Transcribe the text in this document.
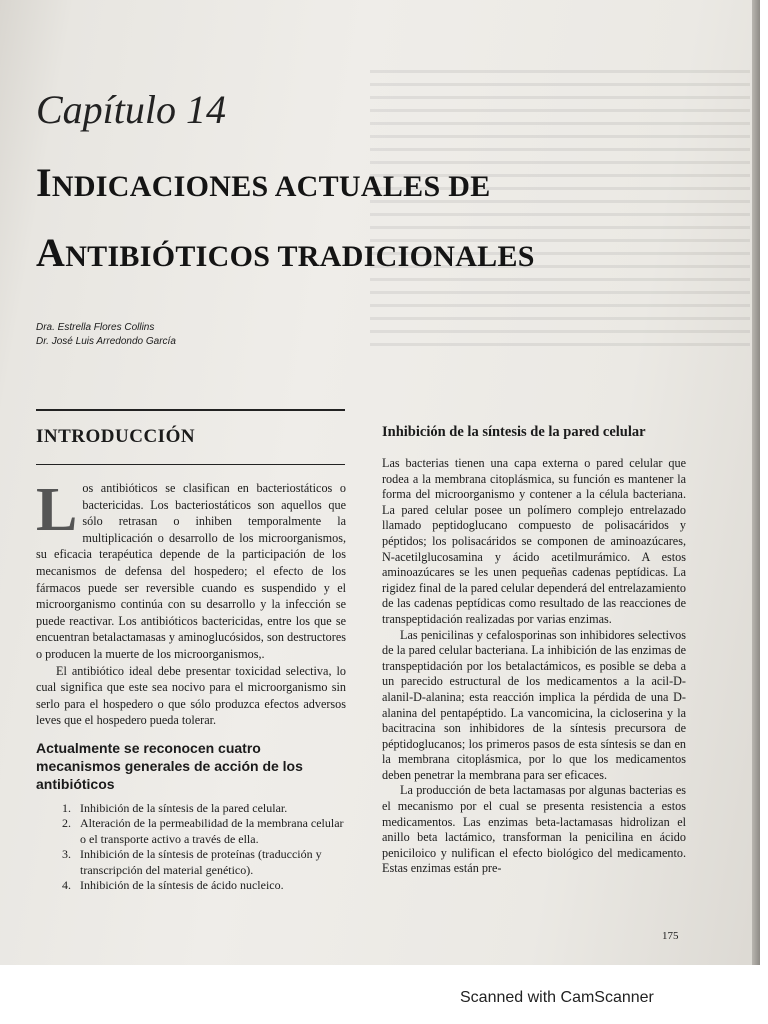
Capítulo 14
INDICACIONES ACTUALES DE
ANTIBIÓTICOS TRADICIONALES
Dra. Estrella Flores Collins
Dr. José Luis Arredondo García
INTRODUCCIÓN

Los antibióticos se clasifican en bacteriostáticos o bactericidas. Los bacteriostáticos son aquellos que sólo retrasan o inhiben temporalmente la multiplicación o desarrollo de los microorganismos, su eficacia terapéutica depende de la participación de los mecanismos de defensa del hospedero; el efecto de los fármacos puede ser reversible cuando es suspendido y el microorganismo continúa con su desarrollo y la infección se puede reactivar. Los antibióticos bactericidas, entre los que se encuentran betalactamasas y aminoglucósidos, son destructores o producen la muerte de los microorganismos,.

El antibiótico ideal debe presentar toxicidad selectiva, lo cual significa que este sea nocivo para el microorganismo sin serlo para el hospedero o que sólo produzca efectos adversos leves que el hospedero pueda tolerar.

Actualmente se reconocen cuatro mecanismos generales de acción de los antibióticos
1. Inhibición de la síntesis de la pared celular.
2. Alteración de la permeabilidad de la membrana celular o el transporte activo a través de ella.
3. Inhibición de la síntesis de proteínas (traducción y transcripción del material genético).
4. Inhibición de la síntesis de ácido nucleico.
Inhibición de la síntesis de la pared celular

Las bacterias tienen una capa externa o pared celular que rodea a la membrana citoplásmica, su función es mantener la forma del microorganismo y contener a la célula bacteriana. La pared celular posee un polímero complejo entrelazado llamado peptidoglucano compuesto de polisacáridos y péptidos; los polisacáridos se componen de aminoazúcares, N-acetilglucosamina y ácido acetilmurámico. A estos aminoazúcares se les unen pequeñas cadenas peptídicas. La rigidez final de la pared celular dependerá del entrelazamiento de las cadenas peptídicas como resultado de las reacciones de transpeptidación realizadas por varias enzimas.

Las penicilinas y cefalosporinas son inhibidores selectivos de la pared celular bacteriana. La inhibición de las enzimas de transpeptidación por los betalactámicos, es posible se deba a un parecido estructural de los medicamentos a la acil-D-alanil-D-alanina; esta reacción implica la pérdida de una D-alanina del pentapéptido. La vancomicina, la cicloserina y la bacitracina son inhibidores de la síntesis precursora de péptidoglucanos; los primeros pasos de esta síntesis se dan en la membrana citoplásmica, por lo que los medicamentos deben penetrar la membrana para ser eficaces.

La producción de beta lactamasas por algunas bacterias es el mecanismo por el cual se presenta resistencia a estos medicamentos. Las enzimas beta-lactamasas hidrolizan el anillo beta lactámico, transforman la penicilina en ácido peniciloico y nulifican el efecto biológico del medicamento. Estas enzimas están pre-

175
Scanned with CamScanner
